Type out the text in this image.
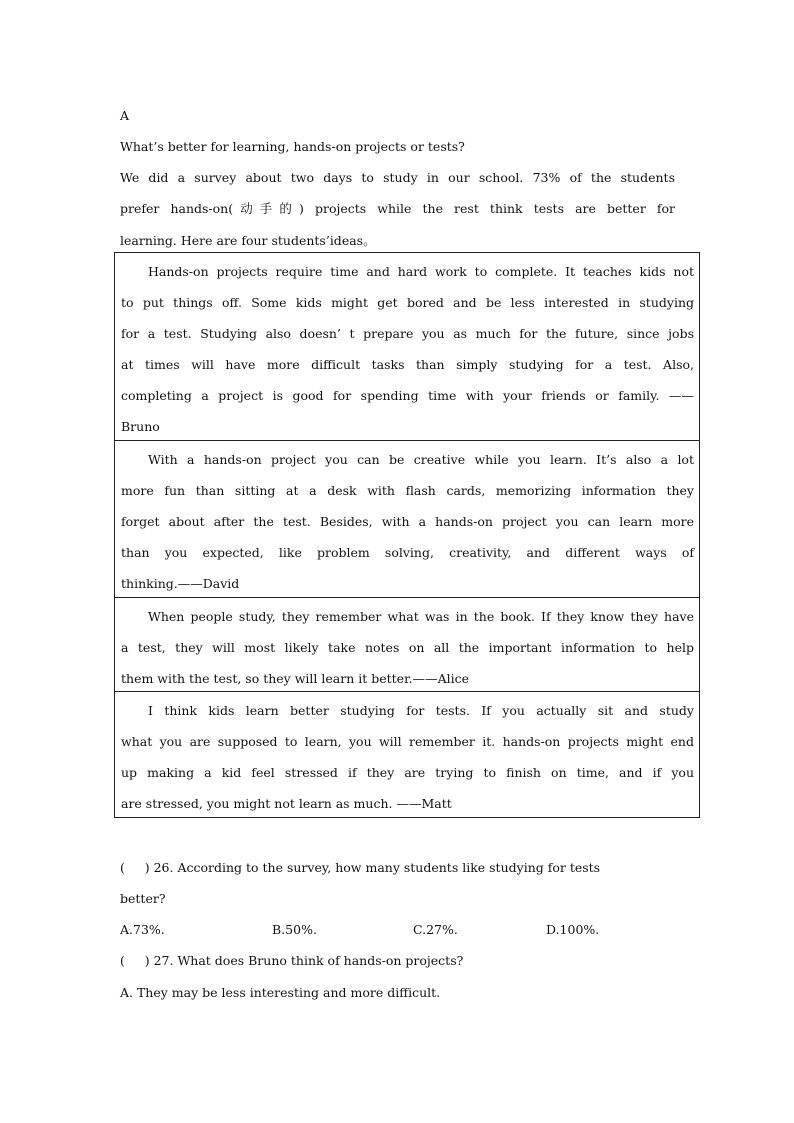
A
What’s better for learning, hands-on projects or tests?
We did a survey about two days to study in our school. 73% of the students
prefer hands-on(动手的) projects while the rest think tests are better for
learning. Here are four students’ideas。
Hands-on projects require time and hard work to complete. It teaches kids not
to put things off. Some kids might get bored and be less interested in studying
for a test. Studying also doesn’ t prepare you as much for the future, since jobs
at times will have more difficult tasks than simply studying for a test. Also,
completing a project is good for spending time with your friends or family. ——
Bruno
With a hands-on project you can be creative while you learn. It’s also a lot
more fun than sitting at a desk with flash cards, memorizing information they
forget about after the test. Besides, with a hands-on project you can learn more
than you expected, like problem solving, creativity, and different ways of
thinking.——David
When people study, they remember what was in the book. If they know they have
a test, they will most likely take notes on all the important information to help
them with the test, so they will learn it better.——Alice
I think kids learn better studying for tests. If you actually sit and study
what you are supposed to learn, you will remember it. hands-on projects might end
up making a kid feel stressed if they are trying to finish on time, and if you
are stressed, you might not learn as much. ——Matt
(     ) 26. According to the survey, how many students like studying for tests
better?
A.73%.	B.50%.	C.27%.	D.100%.
(     ) 27. What does Bruno think of hands-on projects?
A. They may be less interesting and more difficult.
